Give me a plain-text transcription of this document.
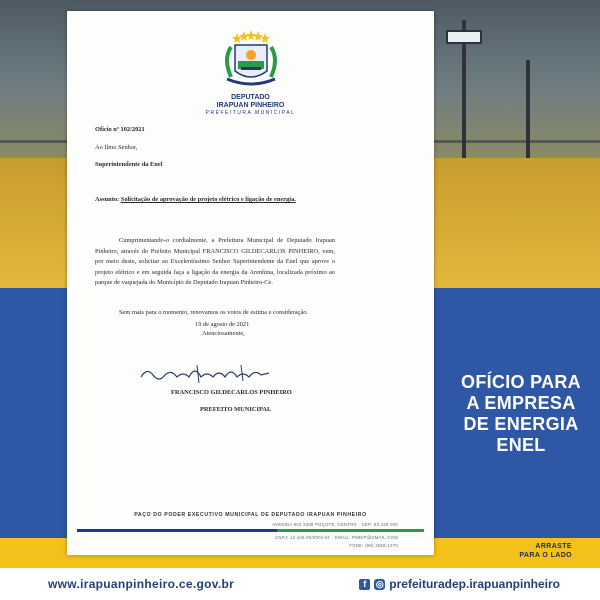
OFÍCIO PARA
A EMPRESA
DE ENERGIA
ENEL
ARRASTE
PARA O LADO
DEPUTADO
IRAPUAN PINHEIRO
PREFEITURA MUNICIPAL
Ofício nº 102/2021
Ao Ilmo Senhor,
Superintendente da Enel
Assunto: Solicitação de aprovação de projeto elétrico e ligação de energia.
Cumprimentando-o cordialmente, a Prefeitura Municipal de Deputado Irapuan Pinheiro, através do Prefeito Municipal FRANCISCO GILDECARLOS PINHEIRO, vem, por meio deste, solicitar ao Excelentíssimo Senhor Superintendente da Enel que aprove o projeto elétrico e em seguida faça a ligação da energia da Arenhina, localizada próximo ao parque de vaquejada do Município de Deputado Irapuan Pinheiro-Ce.
Sem mais para o momento, renovamos os votos de estima e consideração.
19 de agosto de 2021
Atenciosamente,
FRANCISCO GILDECARLOS PINHEIRO
PREFEITO MUNICIPAL
PAÇO DO PODER EXECUTIVO MUNICIPAL DE DEPUTADO IRAPUAN PINHEIRO
AVENIDA 903 2008 POÇOTE, CENTRO · CEP: 63.446.000
CNPJ: 12.446.00/0001-91 · EMAIL: PMDIP@GMAIL.COM
FONE: (88) 3558-1270
www.irapuanpinheiro.ce.gov.br	f	◎ prefeituradep.irapuanpinheiro
